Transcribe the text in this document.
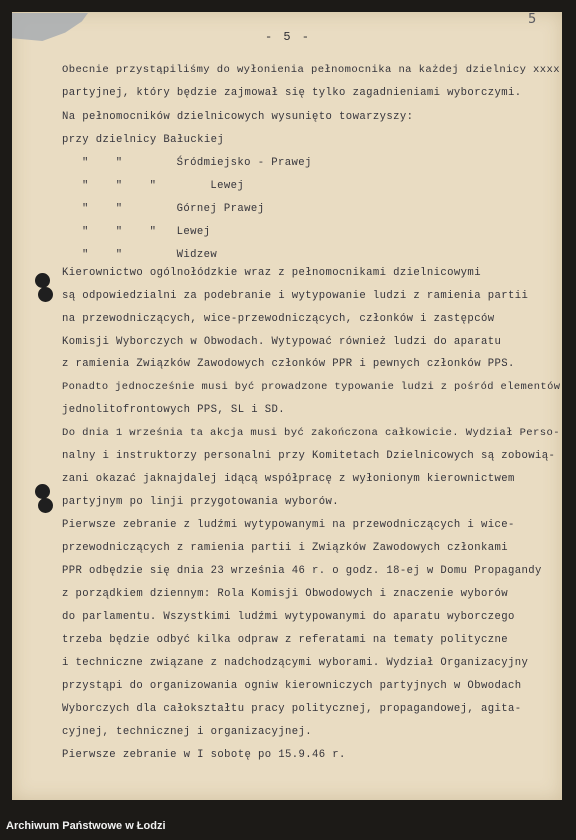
- 5 -
5
Obecnie przystąpiliśmy do wyłonienia pełnomocnika na każdej dzielnicy xxxx
partyjnej, który będzie zajmował się tylko zagadnieniami wyborczymi.
Na pełnomocników dzielnicowych wysunięto towarzyszy:
przy dzielnicy Bałuckiej
"    "        Śródmiejsko - Prawej
"    "    "        Lewej
"    "        Górnej Prawej
"    "    "   Lewej
"    "        Widzew
Kierownictwo ogólnołódzkie wraz z pełnomocnikami dzielnicowymi
są odpowiedzialni za podebranie i wytypowanie ludzi z ramienia partii
na przewodniczących, wice-przewodniczących, członków i zastępców
Komisji Wyborczych w Obwodach. Wytypować również ludzi do aparatu
z ramienia Związków Zawodowych członków PPR i pewnych członków PPS.
Ponadto jednocześnie musi być prowadzone typowanie ludzi z pośród elementów
jednolitofrontowych PPS, SL i SD.
Do dnia 1 września ta akcja musi być zakończona całkowicie. Wydział Perso-
nalny i instruktorzy personalni przy Komitetach Dzielnicowych są zobowią-
zani okazać jaknajdalej idącą współpracę z wyłonionym kierownictwem
partyjnym po linji przygotowania wyborów.
Pierwsze zebranie z ludźmi wytypowanymi na przewodniczących i wice-
przewodniczących z ramienia partii i Związków Zawodowych członkami
PPR odbędzie się dnia 23 września 46 r. o godz. 18-ej w Domu Propagandy
z porządkiem dziennym: Rola Komisji Obwodowych i znaczenie wyborów
do parlamentu. Wszystkimi ludźmi wytypowanymi do aparatu wyborczego
trzeba będzie odbyć kilka odpraw z referatami na tematy polityczne
i techniczne związane z nadchodzącymi wyborami. Wydział Organizacyjny
przystąpi do organizowania ogniw kierowniczych partyjnych w Obwodach
Wyborczych dla całokształtu pracy politycznej, propagandowej, agita-
cyjnej, technicznej i organizacyjnej.
Pierwsze zebranie w I sobotę po 15.9.46 r.
Archiwum Państwowe w Łodzi
